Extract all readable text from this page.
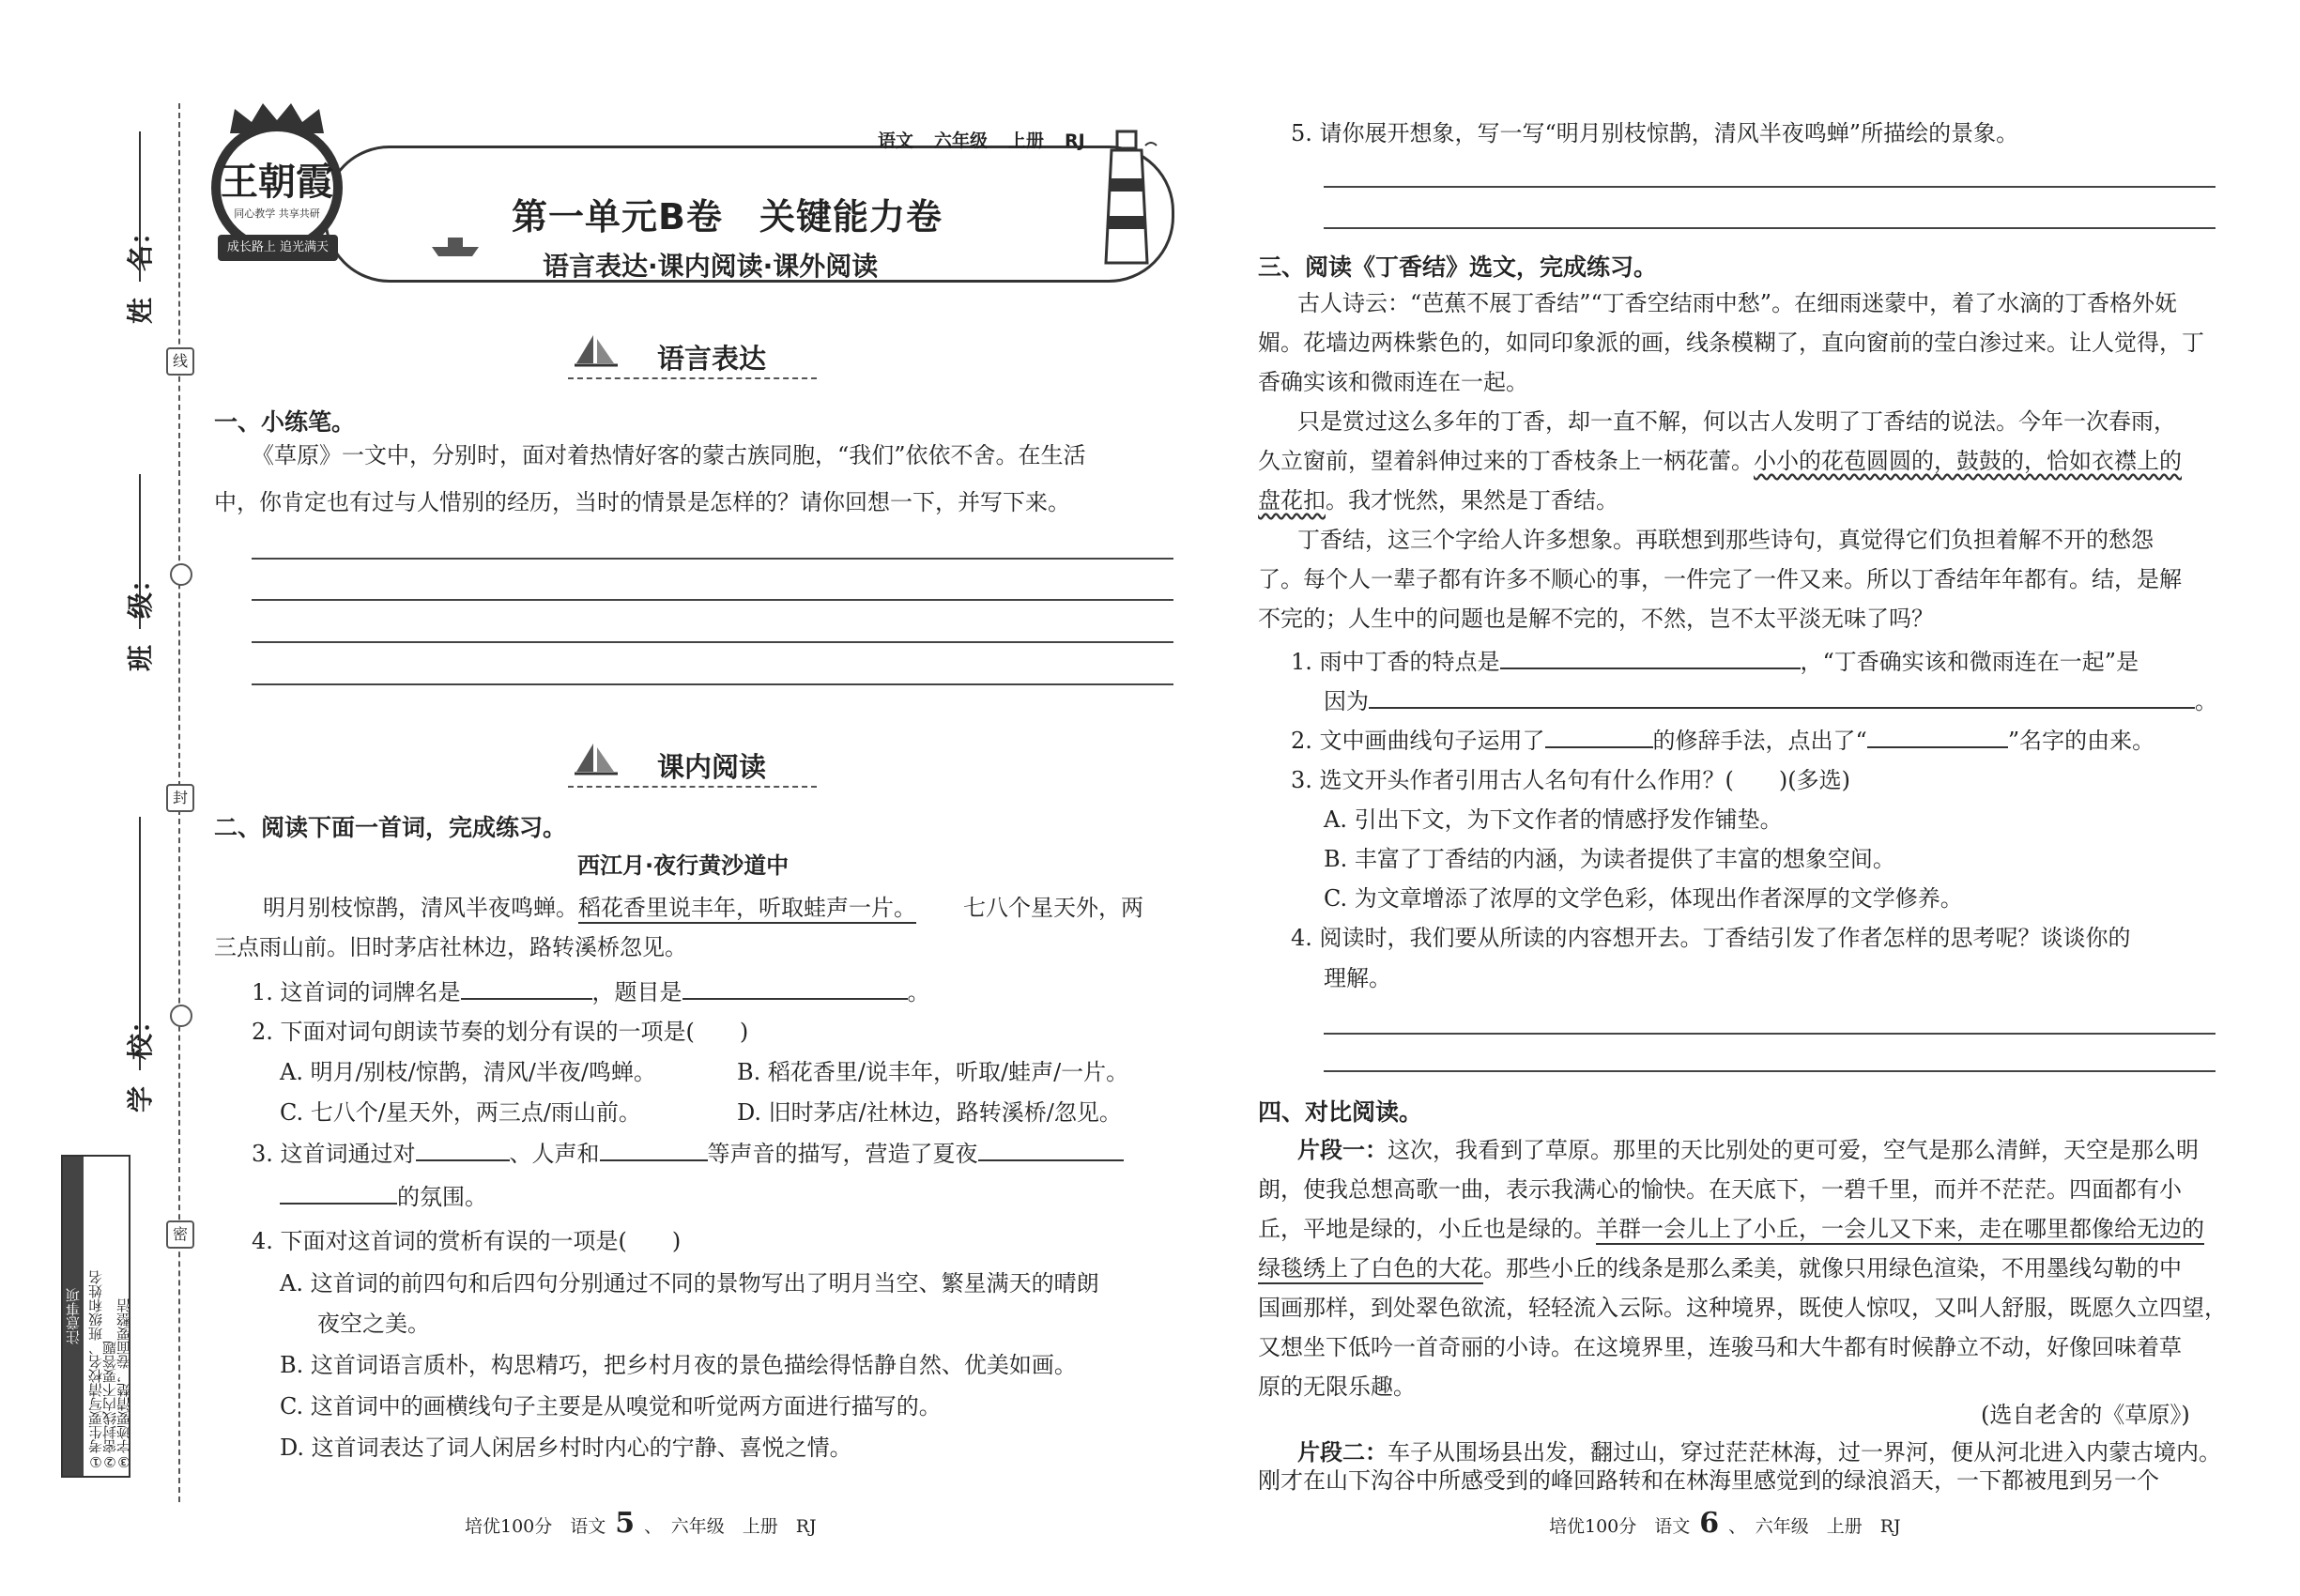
姓　名：
班　级：
学　校：
线
封
密
注意事项 ①考生要写清校名、班级和姓名
②密封线内不要答题
③字迹要清楚，卷面要整洁
王朝霞
同心教学 共享共研
成长路上 追光满天
语文 六年级 上册 RJ
第一单元B卷　关键能力卷
语言表达·课内阅读·课外阅读
语言表达
一、小练笔。
《草原》一文中，分别时，面对着热情好客的蒙古族同胞，“我们”依依不舍。在生活
中，你肯定也有过与人惜别的经历，当时的情景是怎样的？请你回想一下，并写下来。
课内阅读
二、阅读下面一首词，完成练习。
西江月·夜行黄沙道中
明月别枝惊鹊，清风半夜鸣蝉。稻花香里说丰年，听取蛙声一片。 七八个星天外，两
三点雨山前。旧时茅店社林边，路转溪桥忽见。
1. 这首词的词牌名是	，题目是	。
2. 下面对词句朗读节奏的划分有误的一项是(　　)
A. 明月/别枝/惊鹊，清风/半夜/鸣蝉。	B. 稻花香里/说丰年，听取/蛙声/一片。
C. 七八个/星天外，两三点/雨山前。	D. 旧时茅店/社林边，路转溪桥/忽见。
3. 这首词通过对	、人声和	等声音的描写，营造了夏夜
的氛围。
4. 下面对这首词的赏析有误的一项是(　　)
A. 这首词的前四句和后四句分别通过不同的景物写出了明月当空、繁星满天的晴朗
夜空之美。
B. 这首词语言质朴，构思精巧，把乡村月夜的景色描绘得恬静自然、优美如画。
C. 这首词中的画横线句子主要是从嗅觉和听觉两方面进行描写的。
D. 这首词表达了词人闲居乡村时内心的宁静、喜悦之情。
培优100分　 语文 5 、　六年级　 上册　 RJ
5. 请你展开想象，写一写“明月别枝惊鹊，清风半夜鸣蝉”所描绘的景象。
三、阅读《丁香结》选文，完成练习。
古人诗云：“芭蕉不展丁香结”“丁香空结雨中愁”。在细雨迷蒙中，着了水滴的丁香格外妩
媚。花墙边两株紫色的，如同印象派的画，线条模糊了，直向窗前的莹白渗过来。让人觉得，丁
香确实该和微雨连在一起。
只是赏过这么多年的丁香，却一直不解，何以古人发明了丁香结的说法。今年一次春雨，
久立窗前，望着斜伸过来的丁香枝条上一柄花蕾。小小的花苞圆圆的，鼓鼓的，恰如衣襟上的
盘花扣。我才恍然，果然是丁香结。
丁香结，这三个字给人许多想象。再联想到那些诗句，真觉得它们负担着解不开的愁怨
了。每个人一辈子都有许多不顺心的事，一件完了一件又来。所以丁香结年年都有。结，是解
不完的；人生中的问题也是解不完的，不然，岂不太平淡无味了吗？
1. 雨中丁香的特点是	，“丁香确实该和微雨连在一起”是
因为	。
2. 文中画曲线句子运用了	的修辞手法，点出了“	”名字的由来。
3. 选文开头作者引用古人名句有什么作用？(　　)(多选)
A. 引出下文，为下文作者的情感抒发作铺垫。
B. 丰富了丁香结的内涵，为读者提供了丰富的想象空间。
C. 为文章增添了浓厚的文学色彩，体现出作者深厚的文学修养。
4. 阅读时，我们要从所读的内容想开去。丁香结引发了作者怎样的思考呢？谈谈你的
理解。
四、对比阅读。
片段一：这次，我看到了草原。那里的天比别处的更可爱，空气是那么清鲜，天空是那么明
朗，使我总想高歌一曲，表示我满心的愉快。在天底下，一碧千里，而并不茫茫。四面都有小
丘，平地是绿的，小丘也是绿的。羊群一会儿上了小丘，一会儿又下来，走在哪里都像给无边的
绿毯绣上了白色的大花。那些小丘的线条是那么柔美，就像只用绿色渲染，不用墨线勾勒的中
国画那样，到处翠色欲流，轻轻流入云际。这种境界，既使人惊叹，又叫人舒服，既愿久立四望，
又想坐下低吟一首奇丽的小诗。在这境界里，连骏马和大牛都有时候静立不动，好像回味着草
原的无限乐趣。
(选自老舍的《草原》)
片段二：车子从围场县出发，翻过山，穿过茫茫林海，过一界河，便从河北进入内蒙古境内。
刚才在山下沟谷中所感受到的峰回路转和在林海里感觉到的绿浪滔天，一下都被甩到另一个
培优100分　 语文 6 、　六年级　 上册　 RJ
